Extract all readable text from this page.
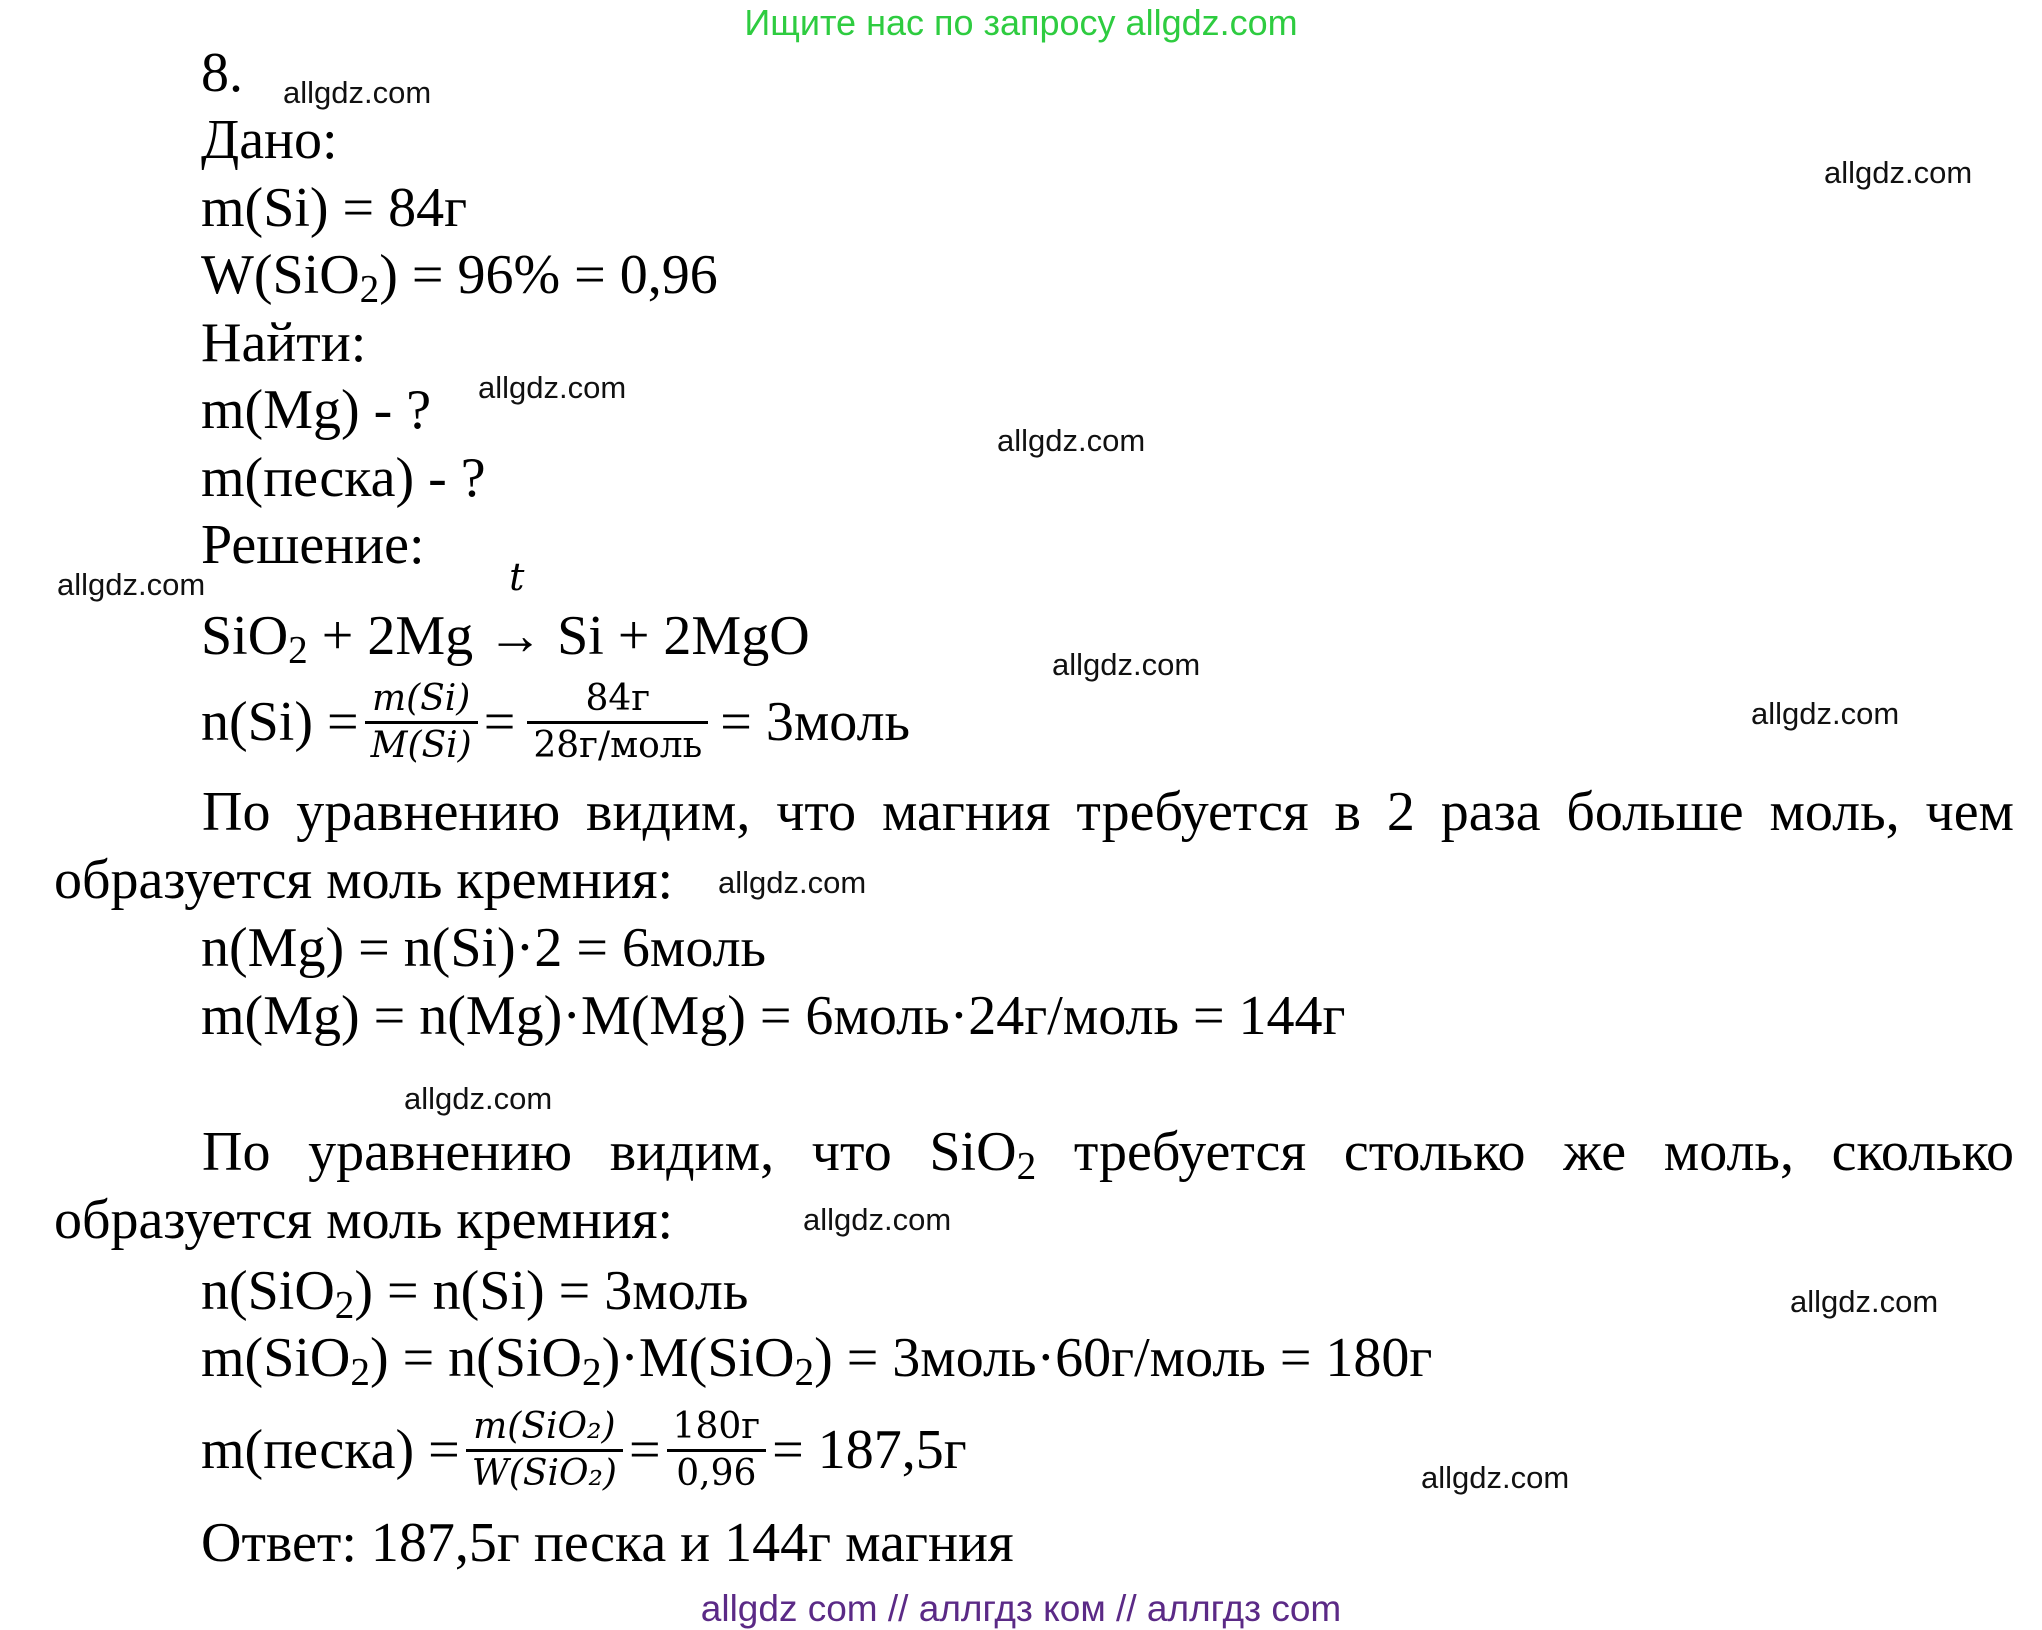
Ищите нас по запросу allgdz.com
allgdz.com
allgdz.com
allgdz.com
allgdz.com
allgdz.com
allgdz.com
allgdz.com
allgdz.com
allgdz.com
allgdz.com
allgdz.com
allgdz.com
8.
Дано:
m(Si) = 84г
W(SiO$_2$) = 96% = 0,96
Найти:
m(Mg) - ?
m(песка) - ?
Решение:
SiO$_2$ + 2Mg
t
→ Si + 2MgO
$n(Si) = \frac{m(Si)}{M(Si)} = \frac{84г}{\text{28г/моль}}$ = 3моль
По уравнению видим, что магния требуется в 2 раза больше моль, чем образуется моль кремния:
n(Mg) = n(Si)·2 = 6моль
m(Mg) = n(Mg)·M(Mg) = 6моль·24г/моль = 144г
По уравнению видим, что SiO$_2$ требуется столько же моль, сколько образуется моль кремния:
n(SiO$_2$) = n(Si) = 3моль
m(SiO$_2$) = n(SiO$_2$)·M(SiO$_2$) = 3моль·60г/моль = 180г
m(песка) = $\frac{\text{m(SiO₂)}}{\text{W(SiO₂)}} = \frac{180г}{0,96} = 187,5г$
Ответ: 187,5г песка и 144г магния
allgdz com // аллгдз ком // аллгдз com
